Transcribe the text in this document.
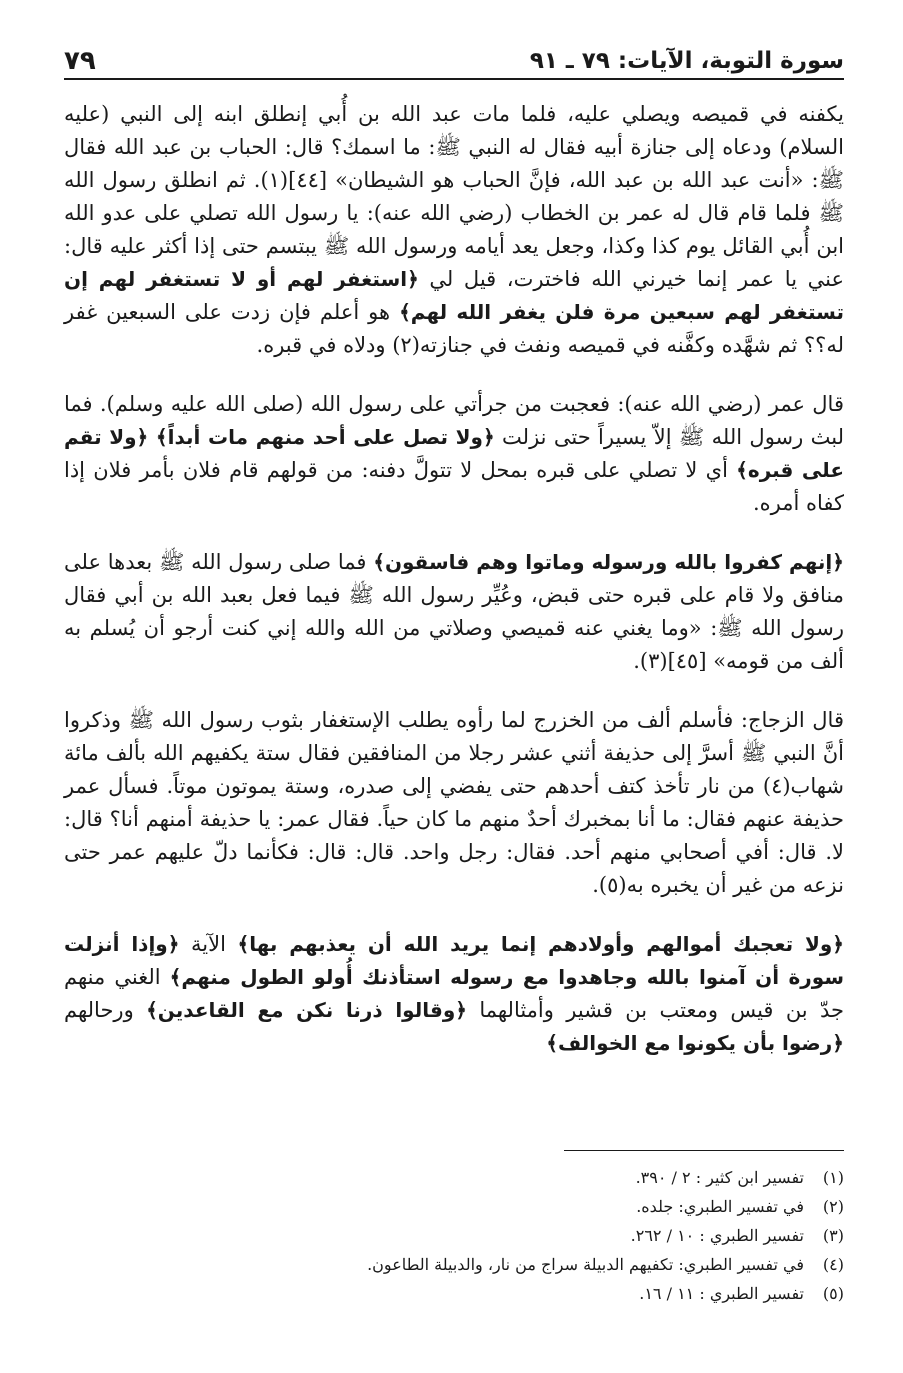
سورة التوبة، الآيات: ٧٩ ـ ٩١
٧٩

يكفنه في قميصه ويصلي عليه، فلما مات عبد الله بن أُبي إنطلق ابنه إلى النبي (عليه السلام) ودعاه إلى جنازة أبيه فقال له النبي ﷺ: ما اسمك؟ قال: الحباب بن عبد الله فقال ﷺ: «أنت عبد الله بن عبد الله، فإنَّ الحباب هو الشيطان» [٤٤](١). ثم انطلق رسول الله ﷺ فلما قام قال له عمر بن الخطاب (رضي الله عنه): يا رسول الله تصلي على عدو الله ابن أُبي القائل يوم كذا وكذا، وجعل يعد أيامه ورسول الله ﷺ يبتسم حتى إذا أكثر عليه قال: عني يا عمر إنما خيرني الله فاخترت، قيل لي ﴿استغفر لهم أو لا تستغفر لهم إن تستغفر لهم سبعين مرة فلن يغفر الله لهم﴾ هو أعلم فإن زدت على السبعين غفر له؟؟ ثم شهَّده وكفَّنه في قميصه ونفث في جنازته(٢) ودلاه في قبره.

قال عمر (رضي الله عنه): فعجبت من جرأتي على رسول الله (صلى الله عليه وسلم). فما لبث رسول الله ﷺ إلاّ يسيراً حتى نزلت ﴿ولا تصل على أحد منهم مات أبداً﴾ ﴿ولا تقم على قبره﴾ أي لا تصلي على قبره بمحل لا تتولَّ دفنه: من قولهم قام فلان بأمر فلان إذا كفاه أمره.

﴿إنهم كفروا بالله ورسوله وماتوا وهم فاسقون﴾ فما صلى رسول الله ﷺ بعدها على منافق ولا قام على قبره حتى قبض، وعُيِّر رسول الله ﷺ فيما فعل بعبد الله بن أبي فقال رسول الله ﷺ: «وما يغني عنه قميصي وصلاتي من الله والله إني كنت أرجو أن يُسلم به ألف من قومه» [٤٥](٣).

قال الزجاج: فأسلم ألف من الخزرج لما رأوه يطلب الإستغفار بثوب رسول الله ﷺ وذكروا أنَّ النبي ﷺ أسرَّ إلى حذيفة أثني عشر رجلا من المنافقين فقال ستة يكفيهم الله بألف مائة شهاب(٤) من نار تأخذ كتف أحدهم حتى يفضي إلى صدره، وستة يموتون موتاً. فسأل عمر حذيفة عنهم فقال: ما أنا بمخبرك أحدٌ منهم ما كان حياً. فقال عمر: يا حذيفة أمنهم أنا؟ قال: لا. قال: أفي أصحابي منهم أحد. فقال: رجل واحد. قال: قال: فكأنما دلّ عليهم عمر حتى نزعه من غير أن يخبره به(٥).

﴿ولا تعجبك أموالهم وأولادهم إنما يريد الله أن يعذبهم بها﴾ الآية ﴿وإذا أنزلت سورة أن آمنوا بالله وجاهدوا مع رسوله استأذنك أُولو الطول منهم﴾ الغني منهم جدّ بن قيس ومعتب بن قشير وأمثالهما ﴿وقالوا ذرنا نكن مع القاعدين﴾ ورحالهم ﴿رضوا بأن يكونوا مع الخوالف﴾

(١)
تفسير ابن كثير : ٢ / ٣٩٠.
(٢)
في تفسير الطبري: جلده.
(٣)
تفسير الطبري : ١٠ / ٢٦٢.
(٤)
في تفسير الطبري: تكفيهم الدبيلة سراج من نار، والدبيلة الطاعون.
(٥)
تفسير الطبري : ١١ / ١٦.
